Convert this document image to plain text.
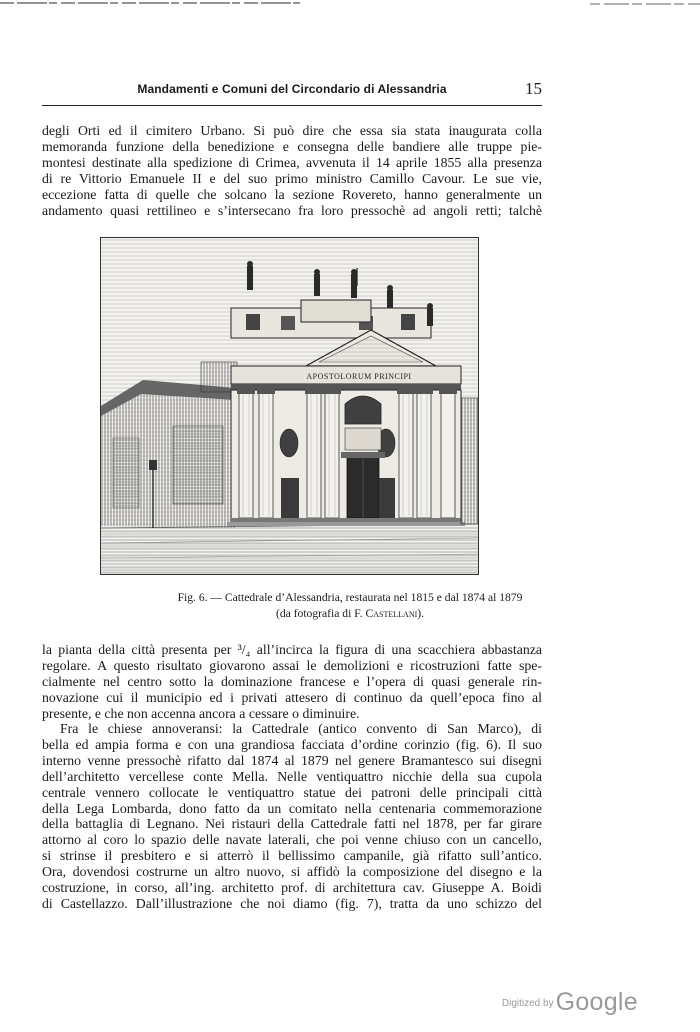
Mandamenti e Comuni del Circondario di Alessandria	15

degli Orti ed il cimitero Urbano. Si può dire che essa sia stata inaugurata colla
memoranda funzione della benedizione e consegna delle bandiere alle truppe pie-
montesi destinate alla spedizione di Crimea, avvenuta il 14 aprile 1855 alla presenza
di re Vittorio Emanuele II e del suo primo ministro Camillo Cavour. Le sue vie,
eccezione fatta di quelle che solcano la sezione Rovereto, hanno generalmente un
andamento quasi rettilineo e s’intersecano fra loro pressochè ad angoli retti; talchè

APOSTOLORUM PRINCIPI
Fig. 6. — Cattedrale d’Alessandria, restaurata nel 1815 e dal 1874 al 1879
(da fotografia di F. Castellani).

la pianta della città presenta per ³/₄ all’incirca la figura di una scacchiera abbastanza
regolare. A questo risultato giovarono assai le demolizioni e ricostruzioni fatte spe-
cialmente nel centro sotto la dominazione francese e l’opera di quasi generale rin-
novazione cui il municipio ed i privati attesero di continuo da quell’epoca fino al
presente, e che non accenna ancora a cessare o diminuire.

Fra le chiese annoveransi: la Cattedrale (antico convento di San Marco), di
bella ed ampia forma e con una grandiosa facciata d’ordine corinzio (fig. 6). Il suo
interno venne pressochè rifatto dal 1874 al 1879 nel genere Bramantesco sui disegni
dell’architetto vercellese conte Mella. Nelle ventiquattro nicchie della sua cupola
centrale vennero collocate le ventiquattro statue dei patroni delle principali città
della Lega Lombarda, dono fatto da un comitato nella centenaria commemorazione
della battaglia di Legnano. Nei ristauri della Cattedrale fatti nel 1878, per far girare
attorno al coro lo spazio delle navate laterali, che poi venne chiuso con un cancello,
si strinse il presbitero e si atterrò il bellissimo campanile, già rifatto sull’antico.
Ora, dovendosi costrurne un altro nuovo, si affidò la composizione del disegno e la
costruzione, in corso, all’ing. architetto prof. di architettura cav. Giuseppe A. Boidi
di Castellazzo. Dall’illustrazione che noi diamo (fig. 7), tratta da uno schizzo del

$^{Digitized by}$Google
